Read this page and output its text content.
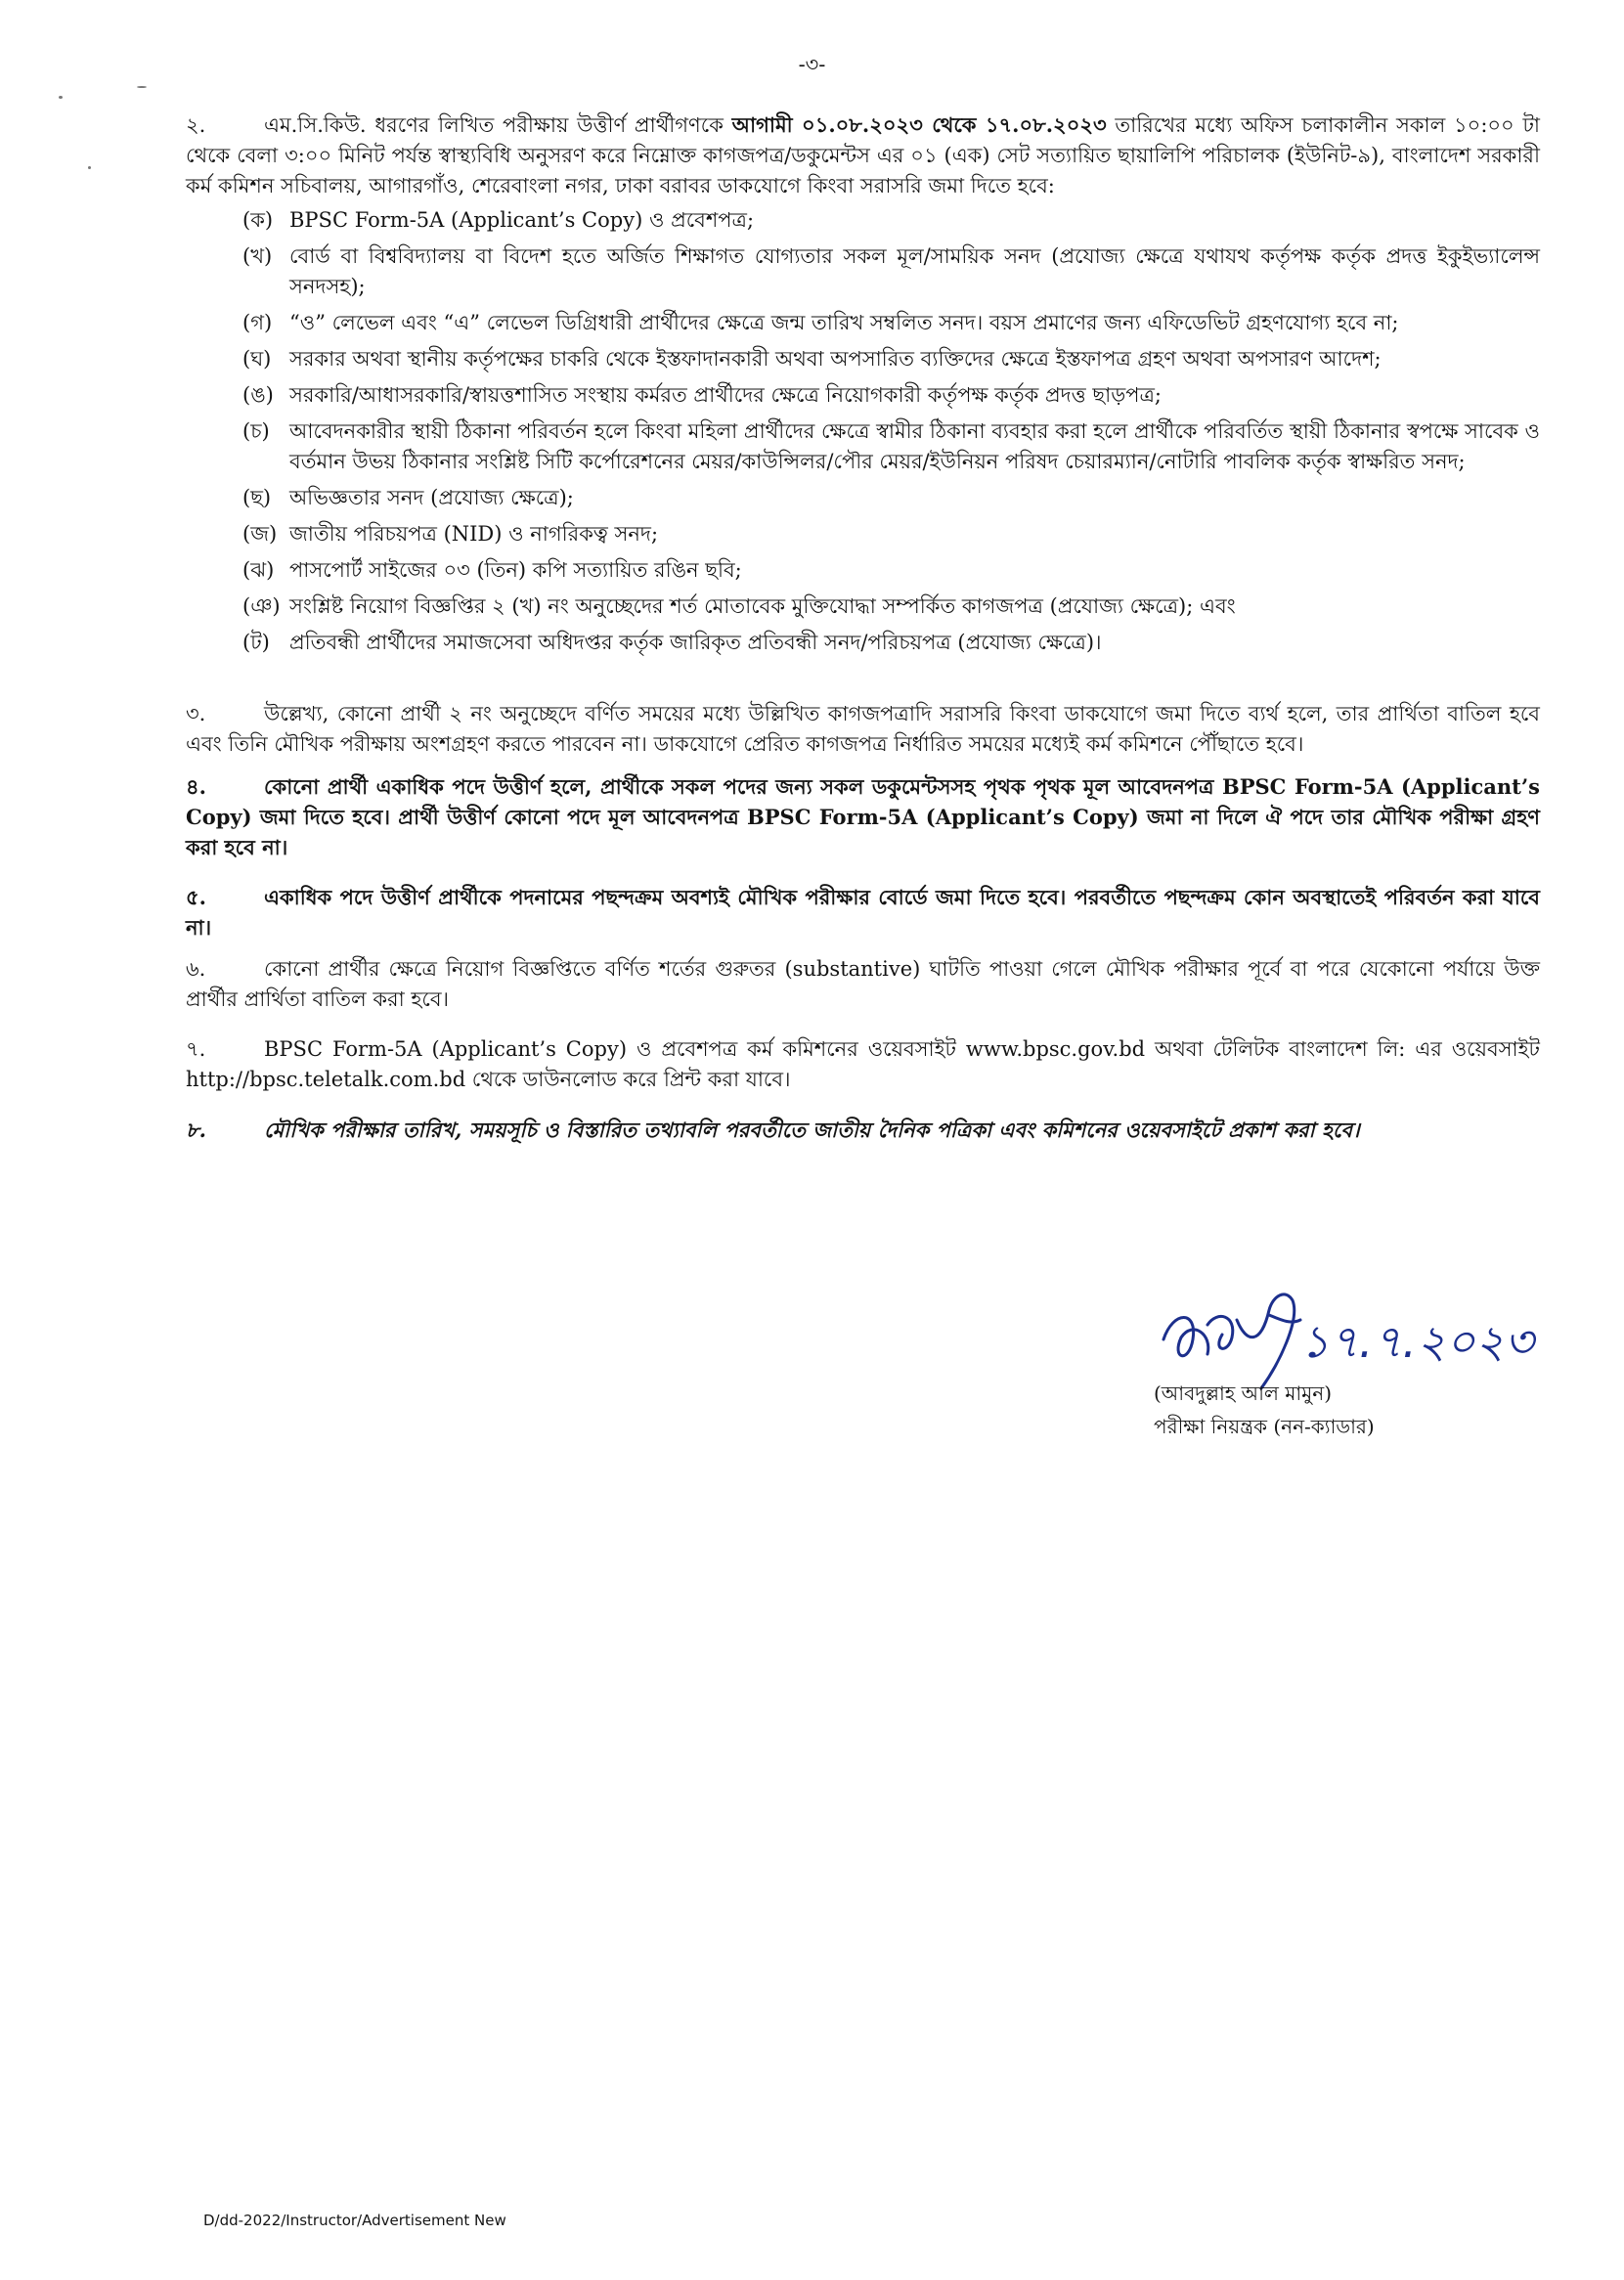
-৩-

২.	এম.সি.কিউ. ধরণের লিখিত পরীক্ষায় উত্তীর্ণ প্রার্থীগণকে আগামী ০১.০৮.২০২৩ থেকে ১৭.০৮.২০২৩ তারিখের মধ্যে অফিস চলাকালীন সকাল ১০:০০ টা থেকে বেলা ৩:০০ মিনিট পর্যন্ত স্বাস্থ্যবিধি অনুসরণ করে নিম্নোক্ত কাগজপত্র/ডকুমেন্টস এর ০১ (এক) সেট সত্যায়িত ছায়ালিপি পরিচালক (ইউনিট-৯), বাংলাদেশ সরকারী কর্ম কমিশন সচিবালয়, আগারগাঁও, শেরেবাংলা নগর, ঢাকা বরাবর ডাকযোগে কিংবা সরাসরি জমা দিতে হবে:

(ক) BPSC Form-5A (Applicant’s Copy) ও প্রবেশপত্র;
(খ) বোর্ড বা বিশ্ববিদ্যালয় বা বিদেশ হতে অর্জিত শিক্ষাগত যোগ্যতার সকল মূল/সাময়িক সনদ (প্রযোজ্য ক্ষেত্রে যথাযথ কর্তৃপক্ষ কর্তৃক প্রদত্ত ইকুইভ্যালেন্স সনদসহ);
(গ) “ও” লেভেল এবং “এ” লেভেল ডিগ্রিধারী প্রার্থীদের ক্ষেত্রে জন্ম তারিখ সম্বলিত সনদ। বয়স প্রমাণের জন্য এফিডেভিট গ্রহণযোগ্য হবে না;
(ঘ) সরকার অথবা স্থানীয় কর্তৃপক্ষের চাকরি থেকে ইস্তফাদানকারী অথবা অপসারিত ব্যক্তিদের ক্ষেত্রে ইস্তফাপত্র গ্রহণ অথবা অপসারণ আদেশ;
(ঙ) সরকারি/আধাসরকারি/স্বায়ত্তশাসিত সংস্থায় কর্মরত প্রার্থীদের ক্ষেত্রে নিয়োগকারী কর্তৃপক্ষ কর্তৃক প্রদত্ত ছাড়পত্র;
(চ) আবেদনকারীর স্থায়ী ঠিকানা পরিবর্তন হলে কিংবা মহিলা প্রার্থীদের ক্ষেত্রে স্বামীর ঠিকানা ব্যবহার করা হলে প্রার্থীকে পরিবর্তিত স্থায়ী ঠিকানার স্বপক্ষে সাবেক ও বর্তমান উভয় ঠিকানার সংশ্লিষ্ট সিটি কর্পোরেশনের মেয়র/কাউন্সিলর/পৌর মেয়র/ইউনিয়ন পরিষদ চেয়ারম্যান/নোটারি পাবলিক কর্তৃক স্বাক্ষরিত সনদ;
(ছ) অভিজ্ঞতার সনদ (প্রযোজ্য ক্ষেত্রে);
(জ) জাতীয় পরিচয়পত্র (NID) ও নাগরিকত্ব সনদ;
(ঝ) পাসপোর্ট সাইজের ০৩ (তিন) কপি সত্যায়িত রঙিন ছবি;
(ঞ) সংশ্লিষ্ট নিয়োগ বিজ্ঞপ্তির ২ (খ) নং অনুচ্ছেদের শর্ত মোতাবেক মুক্তিযোদ্ধা সম্পর্কিত কাগজপত্র (প্রযোজ্য ক্ষেত্রে); এবং
(ট) প্রতিবন্ধী প্রার্থীদের সমাজসেবা অধিদপ্তর কর্তৃক জারিকৃত প্রতিবন্ধী সনদ/পরিচয়পত্র (প্রযোজ্য ক্ষেত্রে)।

৩.	উল্লেখ্য, কোনো প্রার্থী ২ নং অনুচ্ছেদে বর্ণিত সময়ের মধ্যে উল্লিখিত কাগজপত্রাদি সরাসরি কিংবা ডাকযোগে জমা দিতে ব্যর্থ হলে, তার প্রার্থিতা বাতিল হবে এবং তিনি মৌখিক পরীক্ষায় অংশগ্রহণ করতে পারবেন না। ডাকযোগে প্রেরিত কাগজপত্র নির্ধারিত সময়ের মধ্যেই কর্ম কমিশনে পৌঁছাতে হবে।

৪.	কোনো প্রার্থী একাধিক পদে উত্তীর্ণ হলে, প্রার্থীকে সকল পদের জন্য সকল ডকুমেন্টসসহ পৃথক পৃথক মূল আবেদনপত্র BPSC Form-5A (Applicant’s Copy) জমা দিতে হবে। প্রার্থী উত্তীর্ণ কোনো পদে মূল আবেদনপত্র BPSC Form-5A (Applicant’s Copy) জমা না দিলে ঐ পদে তার মৌখিক পরীক্ষা গ্রহণ করা হবে না।

৫.	একাধিক পদে উত্তীর্ণ প্রার্থীকে পদনামের পছন্দক্রম অবশ্যই মৌখিক পরীক্ষার বোর্ডে জমা দিতে হবে। পরবর্তীতে পছন্দক্রম কোন অবস্থাতেই পরিবর্তন করা যাবে না।

৬.	কোনো প্রার্থীর ক্ষেত্রে নিয়োগ বিজ্ঞপ্তিতে বর্ণিত শর্তের গুরুতর (substantive) ঘাটতি পাওয়া গেলে মৌখিক পরীক্ষার পূর্বে বা পরে যেকোনো পর্যায়ে উক্ত প্রার্থীর প্রার্থিতা বাতিল করা হবে।

৭.	BPSC Form-5A (Applicant’s Copy) ও প্রবেশপত্র কর্ম কমিশনের ওয়েবসাইট www.bpsc.gov.bd অথবা টেলিটক বাংলাদেশ লি: এর ওয়েবসাইট http://bpsc.teletalk.com.bd থেকে ডাউনলোড করে প্রিন্ট করা যাবে।

৮.	মৌখিক পরীক্ষার তারিখ, সময়সূচি ও বিস্তারিত তথ্যাবলি পরবর্তীতে জাতীয় দৈনিক পত্রিকা এবং কমিশনের ওয়েবসাইটে প্রকাশ করা হবে।

১৭.৭.২০২৩
(আবদুল্লাহ আল মামুন)
পরীক্ষা নিয়ন্ত্রক (নন-ক্যাডার)
D/dd-2022/Instructor/Advertisement New
